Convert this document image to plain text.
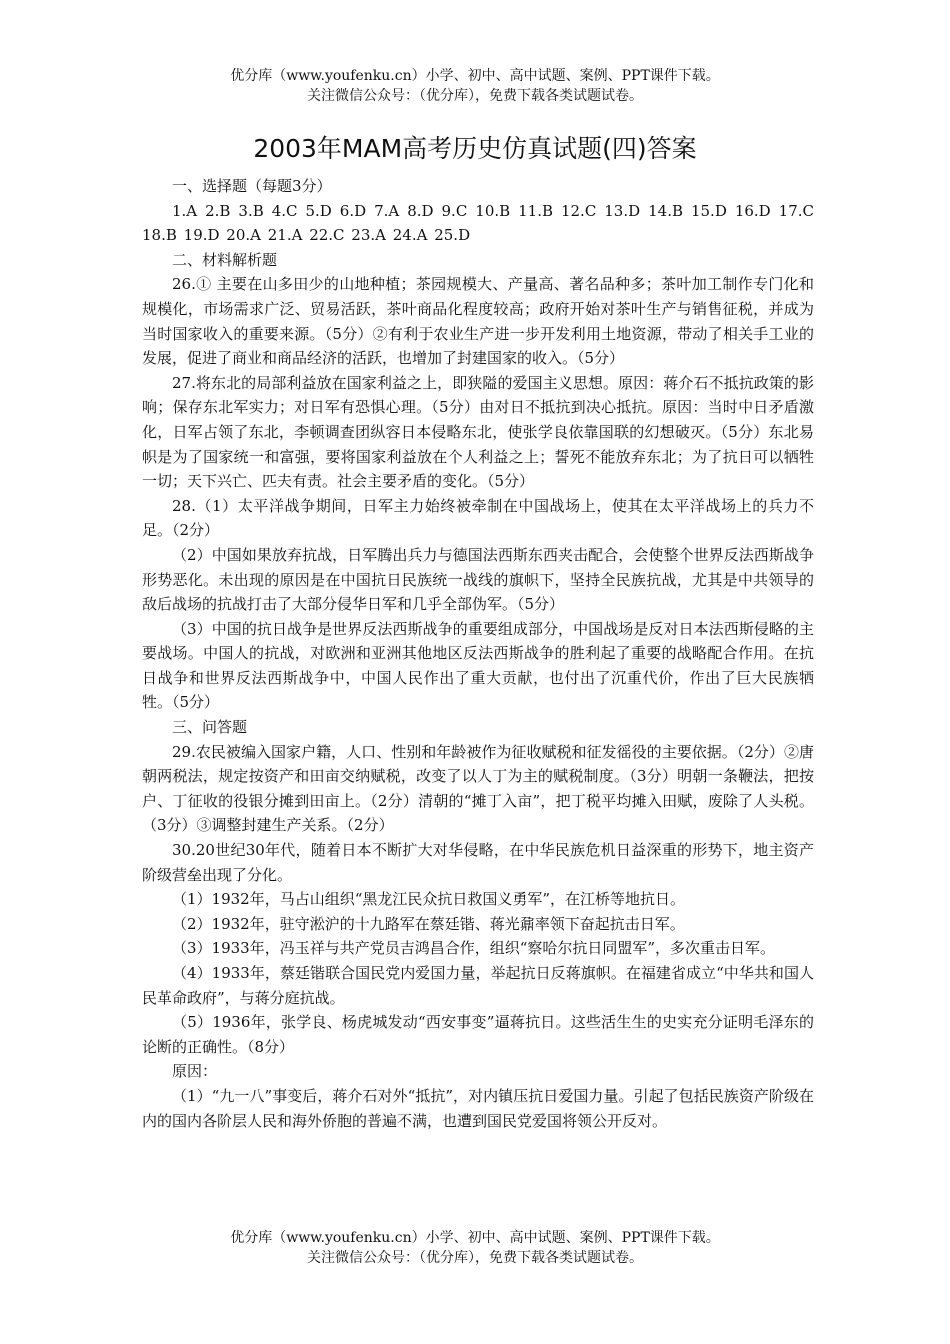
优分库（www.youfenku.cn）小学、初中、高中试题、案例、PPT课件下载。
关注微信公众号：（优分库），免费下载各类试题试卷。
2003年MAM高考历史仿真试题(四)答案

一、选择题（每题3分）

1.A 2.B 3.B 4.C 5.D 6.D 7.A 8.D 9.C 10.B 11.B 12.C 13.D 14.B 15.D 16.D 17.C 18.B 19.D 20.A 21.A 22.C 23.A 24.A 25.D

二、材料解析题

26.① 主要在山多田少的山地种植；茶园规模大、产量高、著名品种多；茶叶加工制作专门化和规模化，市场需求广泛、贸易活跃，茶叶商品化程度较高；政府开始对茶叶生产与销售征税，并成为当时国家收入的重要来源。（5分）②有利于农业生产进一步开发利用土地资源，带动了相关手工业的发展，促进了商业和商品经济的活跃，也增加了封建国家的收入。（5分）

27.将东北的局部利益放在国家利益之上，即狭隘的爱国主义思想。原因：蒋介石不抵抗政策的影响；保存东北军实力；对日军有恐惧心理。（5分）由对日不抵抗到决心抵抗。原因：当时中日矛盾激化，日军占领了东北，李顿调查团纵容日本侵略东北，使张学良依靠国联的幻想破灭。（5分）东北易帜是为了国家统一和富强，要将国家利益放在个人利益之上；誓死不能放弃东北；为了抗日可以牺牲一切；天下兴亡、匹夫有责。社会主要矛盾的变化。（5分）

28.（1）太平洋战争期间，日军主力始终被牵制在中国战场上，使其在太平洋战场上的兵力不足。（2分）

（2）中国如果放弃抗战，日军腾出兵力与德国法西斯东西夹击配合，会使整个世界反法西斯战争形势恶化。未出现的原因是在中国抗日民族统一战线的旗帜下，坚持全民族抗战，尤其是中共领导的敌后战场的抗战打击了大部分侵华日军和几乎全部伪军。（5分）

（3）中国的抗日战争是世界反法西斯战争的重要组成部分，中国战场是反对日本法西斯侵略的主要战场。中国人的抗战，对欧洲和亚洲其他地区反法西斯战争的胜利起了重要的战略配合作用。在抗日战争和世界反法西斯战争中，中国人民作出了重大贡献，也付出了沉重代价，作出了巨大民族牺牲。（5分）

三、问答题

29.农民被编入国家户籍，人口、性别和年龄被作为征收赋税和征发徭役的主要依据。（2分）②唐朝两税法，规定按资产和田亩交纳赋税，改变了以人丁为主的赋税制度。（3分）明朝一条鞭法，把按户、丁征收的役银分摊到田亩上。（2分）清朝的“摊丁入亩”，把丁税平均摊入田赋，废除了人头税。（3分）③调整封建生产关系。（2分）

30.20世纪30年代，随着日本不断扩大对华侵略，在中华民族危机日益深重的形势下，地主资产阶级营垒出现了分化。

（1）1932年，马占山组织“黑龙江民众抗日救国义勇军”，在江桥等地抗日。

（2）1932年，驻守淞沪的十九路军在蔡廷锴、蒋光鼐率领下奋起抗击日军。

（3）1933年，冯玉祥与共产党员吉鸿昌合作，组织“察哈尔抗日同盟军”，多次重击日军。

（4）1933年，蔡廷锴联合国民党内爱国力量，举起抗日反蒋旗帜。在福建省成立“中华共和国人民革命政府”，与蒋分庭抗战。

（5）1936年，张学良、杨虎城发动“西安事变”逼蒋抗日。这些活生生的史实充分证明毛泽东的论断的正确性。（8分）

原因：

（1）“九一八”事变后，蒋介石对外“抵抗”，对内镇压抗日爱国力量。引起了包括民族资产阶级在内的国内各阶层人民和海外侨胞的普遍不满，也遭到国民党爱国将领公开反对。

优分库（www.youfenku.cn）小学、初中、高中试题、案例、PPT课件下载。
关注微信公众号：（优分库），免费下载各类试题试卷。
